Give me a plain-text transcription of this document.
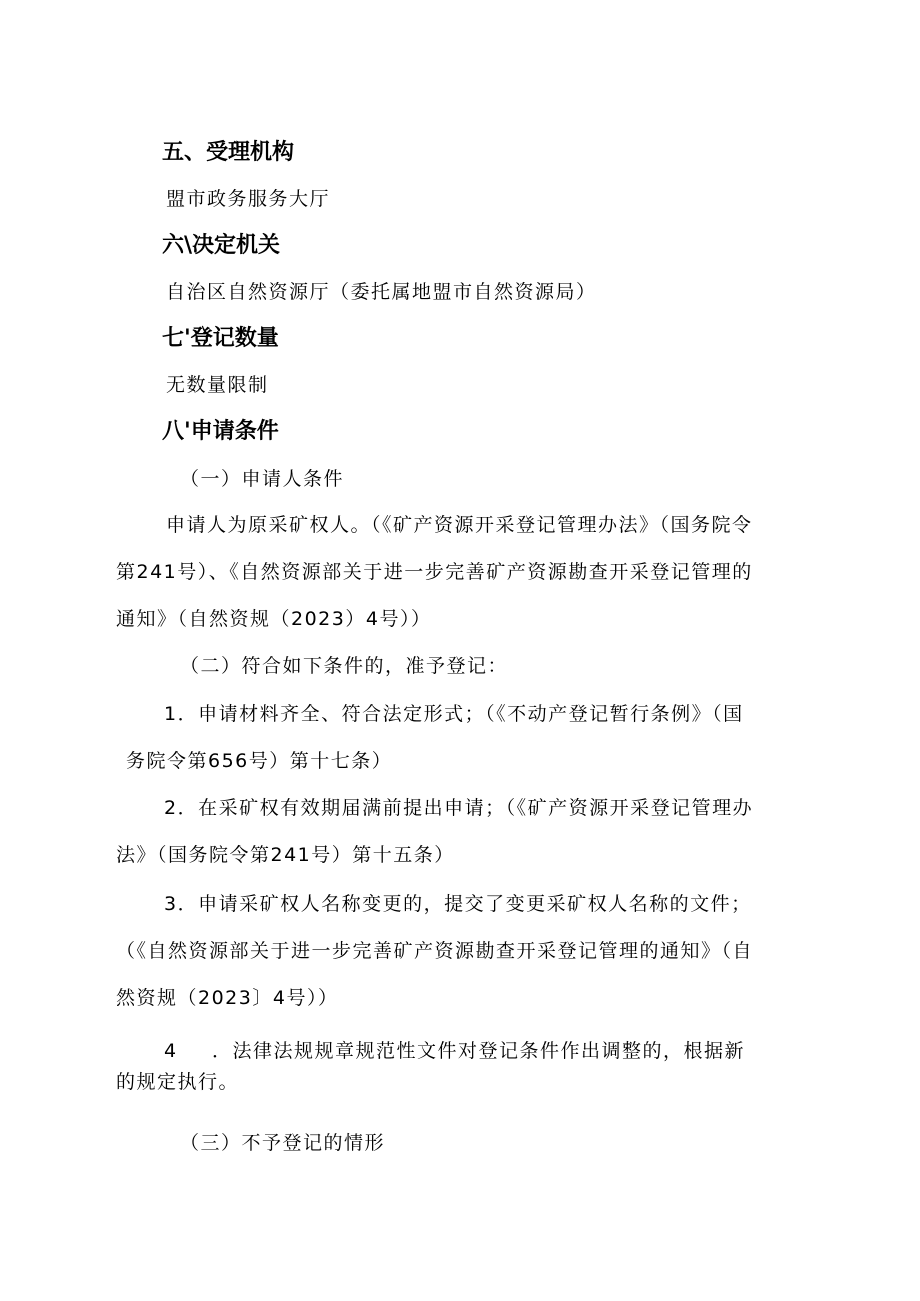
五、受理机构
盟市政务服务大厅
六\决定机关
自治区自然资源厅（委托属地盟市自然资源局）
七'登记数量
无数量限制
八'申请条件
（一）申请人条件
申请人为原采矿权人。（《矿产资源开采登记管理办法》（国务院令
第241号）、《自然资源部关于进一步完善矿产资源勘查开采登记管理的
通知》（自然资规（2023）4号））
（二）符合如下条件的，准予登记：
1．申请材料齐全、符合法定形式；（《不动产登记暂行条例》（国
务院令第656号）第十七条）
2．在采矿权有效期届满前提出申请；（《矿产资源开采登记管理办
法》（国务院令第241号）第十五条）
3．申请采矿权人名称变更的，提交了变更采矿权人名称的文件；
（《自然资源部关于进一步完善矿产资源勘查开采登记管理的通知》（自
然资规（2023〕4号））
4 ．法律法规规章规范性文件对登记条件作出调整的，根据新
的规定执行。
（三）不予登记的情形
